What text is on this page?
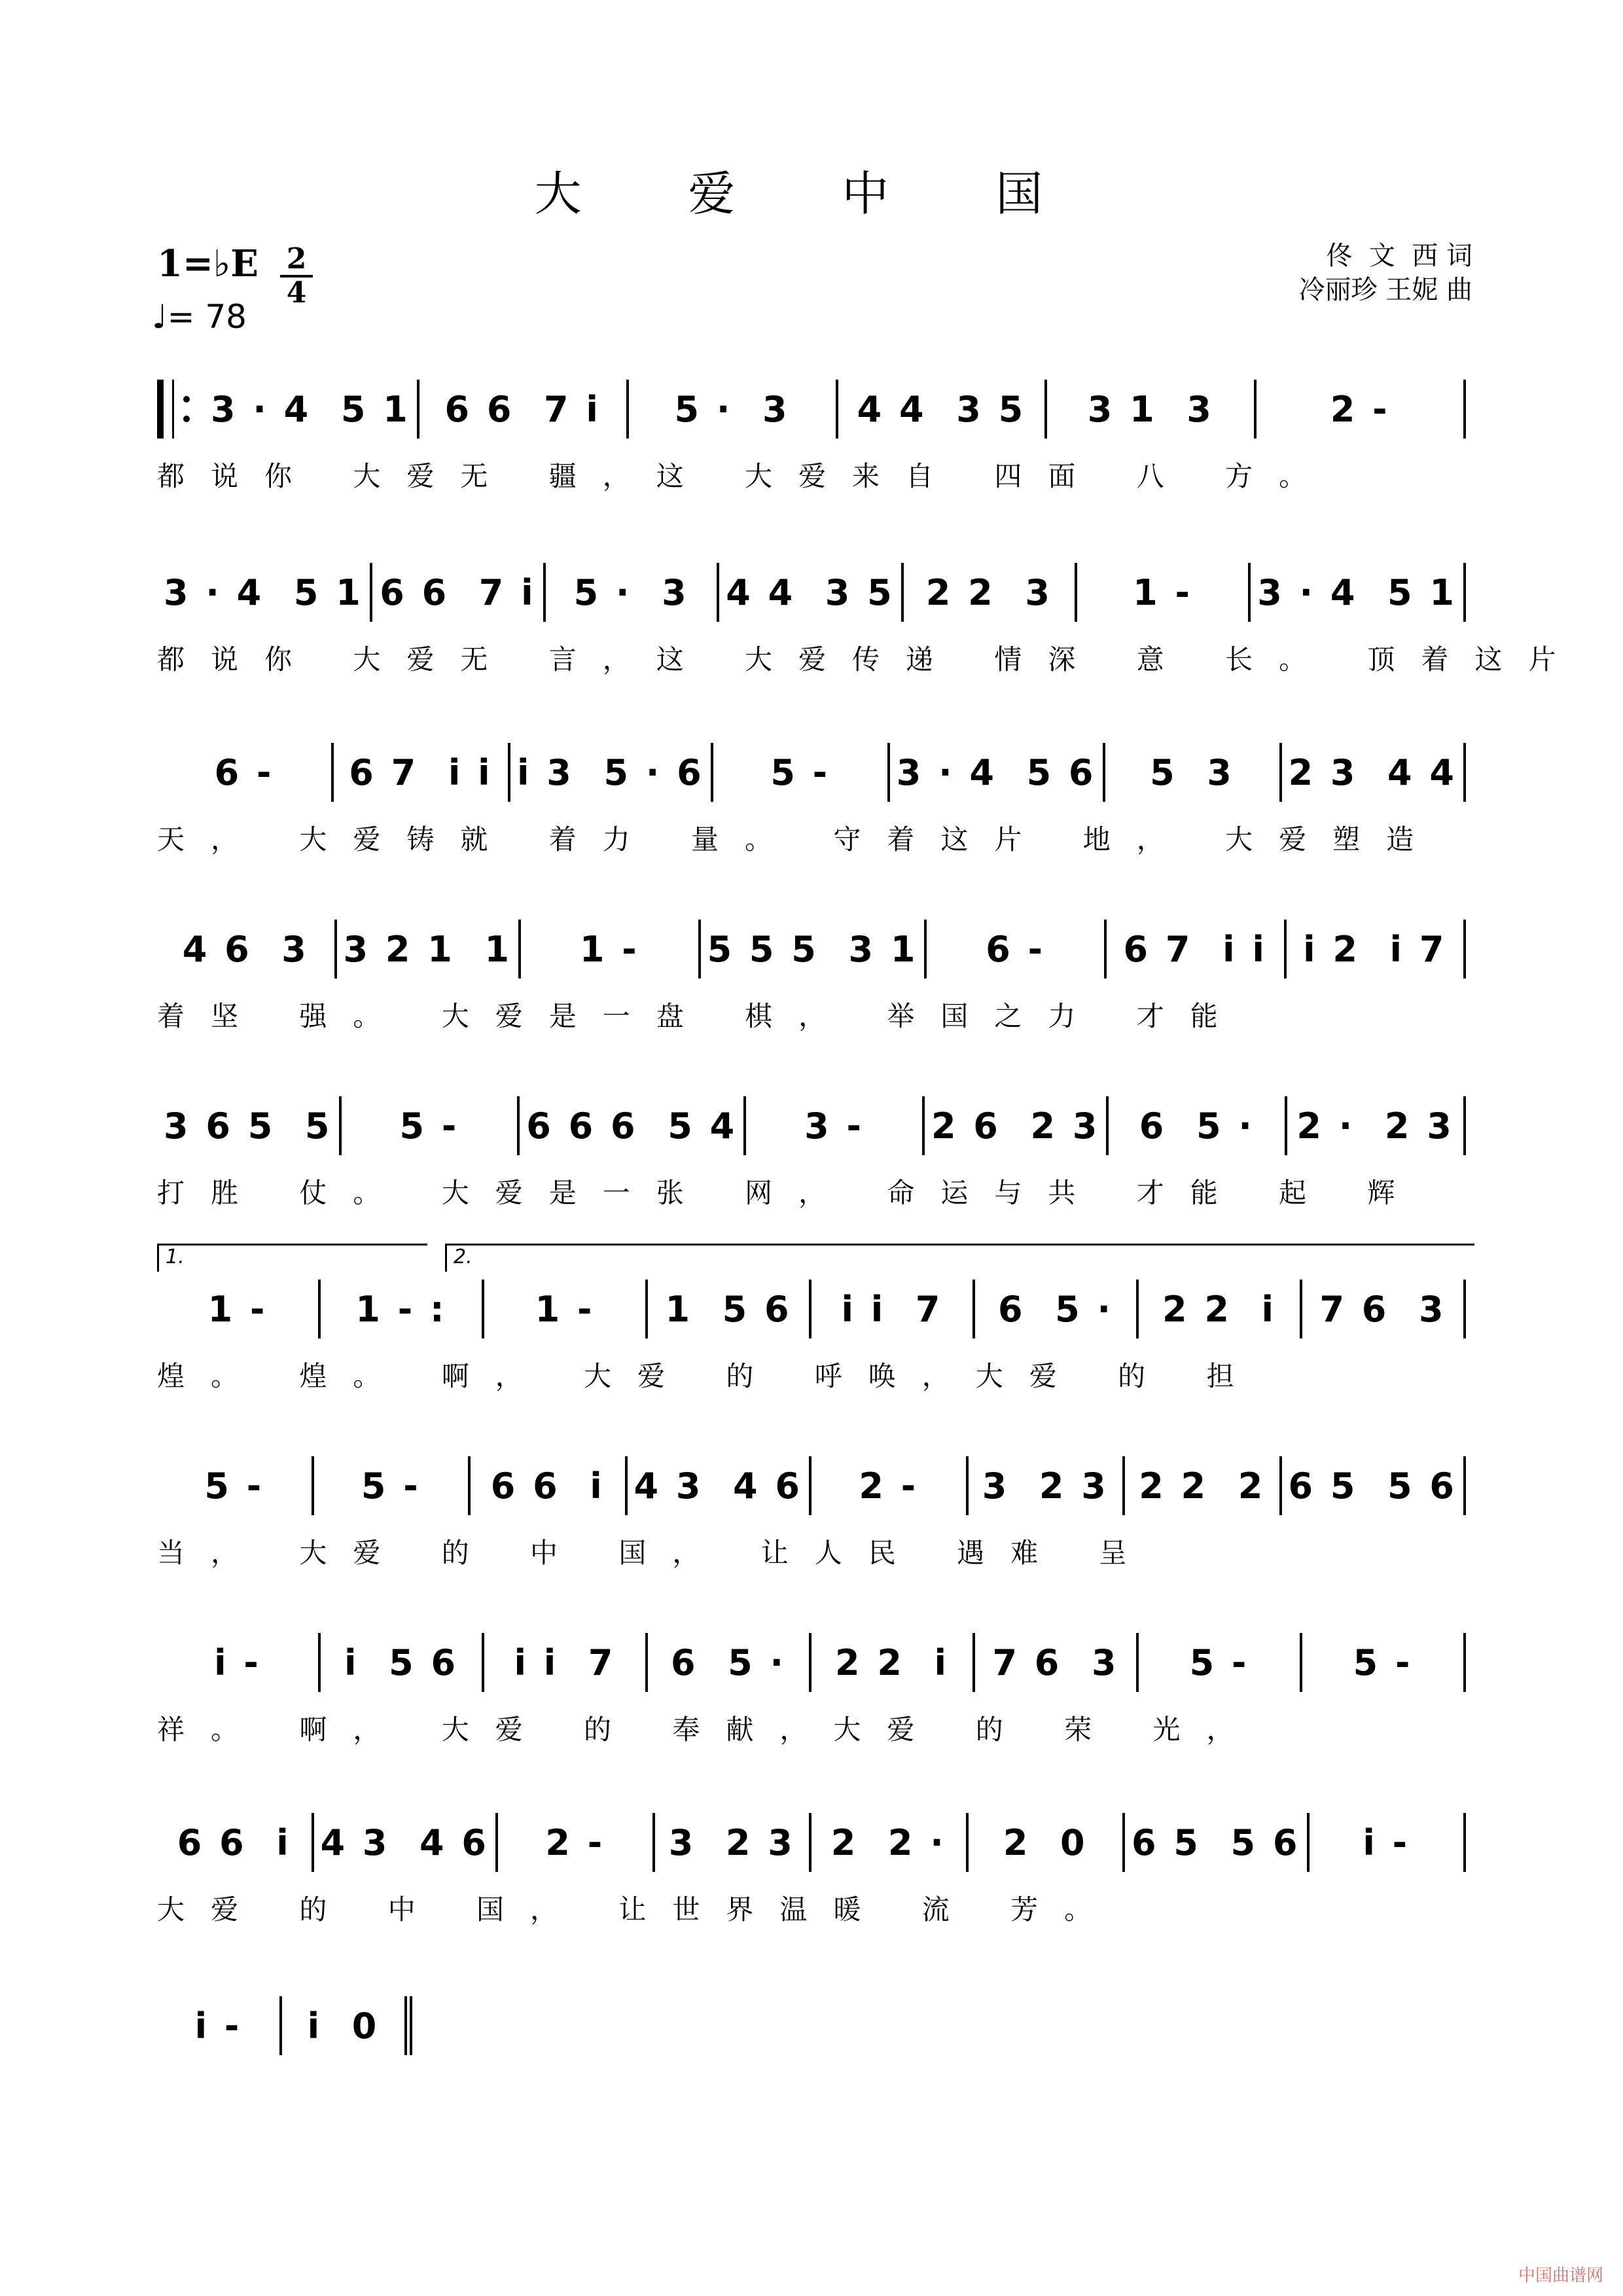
大 爱 中 国
1=♭E 2
4
♩= 78
佟  文  西 词
冷丽珍 王妮 曲
3 · 4  5 1 6 6  7 i	5 ·  3	4 4  3 5	3 1  3	2 -
都说你 大爱无 疆，这 大爱来自 四面 八 方。
3 · 4  5 1 6 6  7 i	5 ·  3	4 4  3 5 2 2  3	1 -	3 · 4  5 1
都说你 大爱无 言，这 大爱传递 情深 意 长。 顶着这片
6 -	6 7  i i i 3  5 · 6	5 -	3 · 4  5 6	5  3	2 3  4 4
天， 大爱铸就 着力 量。 守着这片 地， 大爱塑造
4 6  3 3 2 1  1	1 -	5 5 5  3 1	6 -	6 7  i i	i 2  i 7
着坚 强。 大爱是一盘 棋， 举国之力 才能
3 6 5  5	5 -	6 6 6  5 4	3 -	2 6  2 3	6  5 ·	2 ·  2 3
打胜 仗。 大爱是一张 网， 命运与共 才能 起 辉
1 -	1 - :	1 -	1  5 6	i i  7	6  5 ·	2 2  i	7 6  3
1.	2.
煌。 煌。 啊， 大爱 的 呼唤，大爱 的 担
5 -	5 -	6 6  i 4 3  4 6	2 -	3  2 3 2 2  2 6 5  5 6
当， 大爱 的 中 国， 让人民 遇难 呈
i -	i  5 6	i i  7	6  5 ·	2 2  i	7 6  3	5 -	5 -
祥。 啊， 大爱 的 奉献，大爱 的 荣 光，
6 6  i 4 3  4 6	2 -	3  2 3	2  2 ·	2  0	6 5  5 6	i -
大爱 的 中 国， 让世界温暖 流 芳。
i -	i  0
中国曲谱网
